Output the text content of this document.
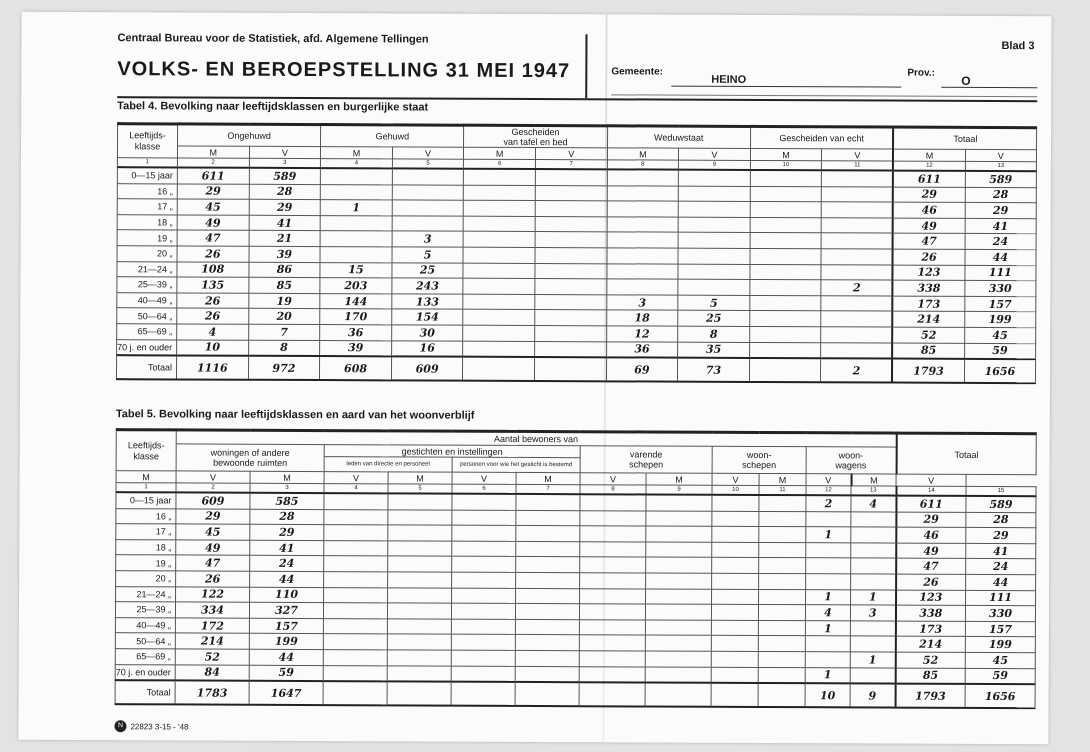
Centraal Bureau voor de Statistiek, afd. Algemene Tellingen
VOLKS- EN BEROEPSTELLING 31 MEI 1947
Blad 3
Gemeente:
HEINO
Prov.:
O
Tabel 4. Bevolking naar leeftijdsklassen en burgerlijke staat
Leeftijds-
klasse	Ongehuwd		Gehuwd		Gescheiden
van tafel en bed		Weduwstaat		Gescheiden van echt		Totaal	
	M	V	M	V	M	V	M	V	M	V	M	V
1	2	3	4	5	6	7	8	9	10	11	12	13
0—15 jaar	611	589									611	589
16 „	29	28									29	28
17 „	45	29	1								46	29
18 „	49	41									49	41
19 „	47	21		3							47	24
20 „	26	39		5							26	44
21—24 „	108	86	15	25							123	111
25—39 „	135	85	203	243						2	338	330
40—49 „	26	19	144	133			3	5			173	157
50—64 „	26	20	170	154			18	25			214	199
65—69 „	4	7	36	30			12	8			52	45
70 j. en ouder	10	8	39	16			36	35			85	59
Totaal	1116	972	608	609			69	73		2	1793	1656
Tabel 5. Bevolking naar leeftijdsklassen en aard van het woonverblijf
Leeftijds-
klasse	Aantal bewoners van												Totaal	
	woningen of andere
bewoonde ruimten		gestichten en instellingen				varende
schepen		woon-
schepen		woon-
wagens			
			leden van directie en personeel		personen voor wie het gesticht is bestemd									
M	V	M	V	M	V	M	V	M	V	M	V	M	V	
1	2	3	4	5	6	7	8	9	10	11	12	13	14	15
0—15 jaar	609	585									2	4	611	589
16 „	29	28											29	28
17 „	45	29									1		46	29
18 „	49	41											49	41
19 „	47	24											47	24
20 „	26	44											26	44
21—24 „	122	110									1	1	123	111
25—39 „	334	327									4	3	338	330
40—49 „	172	157									1		173	157
50—64 „	214	199											214	199
65—69 „	52	44										1	52	45
70 j. en ouder	84	59									1		85	59
Totaal	1783	1647									10	9	1793	1656
N 22823 3-15 - '48
